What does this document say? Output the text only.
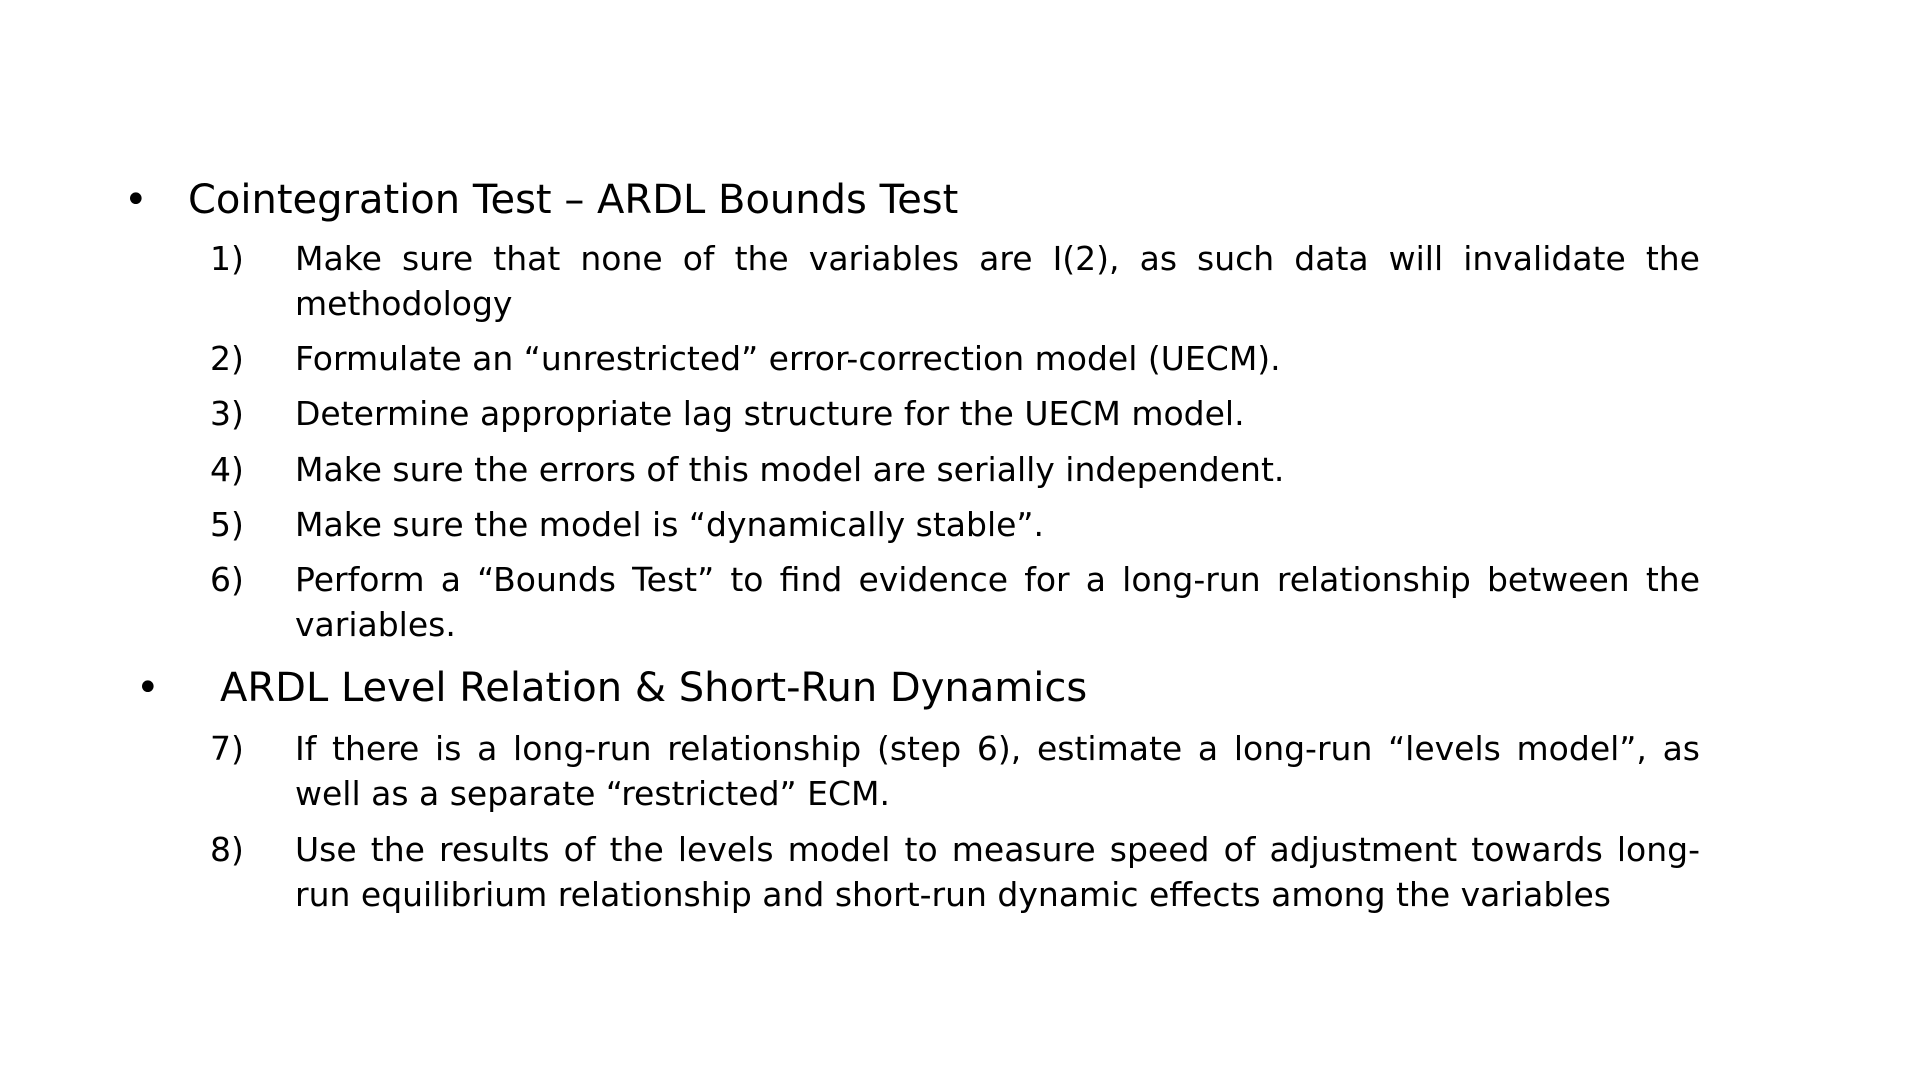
• Cointegration Test – ARDL Bounds Test
1)	Make sure that none of the variables are I(2), as such data will invalidate the methodology
2)	Formulate an “unrestricted” error-correction model (UECM).
3)	Determine appropriate lag structure for the UECM model.
4)	Make sure the errors of this model are serially independent.
5)	Make sure the model is “dynamically stable”.
6)	Perform a “Bounds Test” to find evidence for a long-run relationship between the variables.
• ARDL Level Relation & Short-Run Dynamics
7)	If there is a long-run relationship (step 6), estimate a long-run “levels model”, as well as a separate “restricted” ECM.
8)	Use the results of the levels model to measure speed of adjustment towards long-run equilibrium relationship and short-run dynamic effects among the variables
